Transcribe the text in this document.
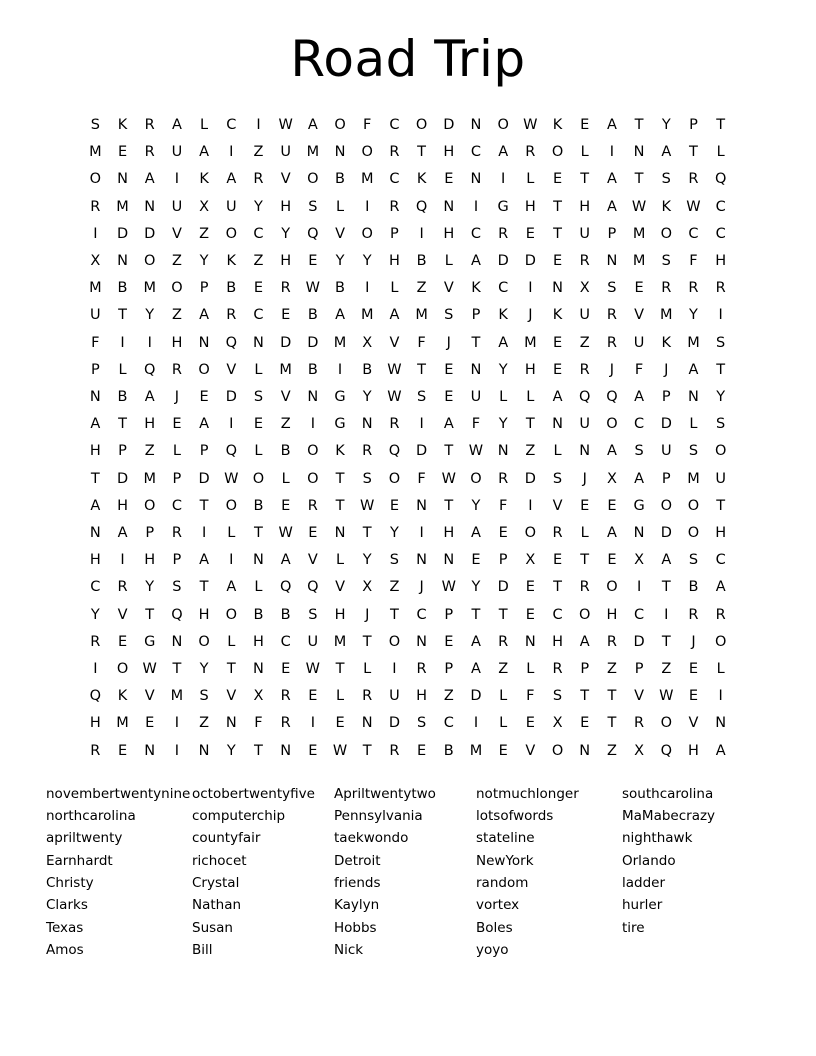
Road Trip
S	K	R	A	L	C	I	W	A	O	F	C	O	D	N	O	W	K	E	A	T	Y	P	T
M	E	R	U	A	I	Z	U	M	N	O	R	T	H	C	A	R	O	L	I	N	A	T	L
O	N	A	I	K	A	R	V	O	B	M	C	K	E	N	I	L	E	T	A	T	S	R	Q
R	M	N	U	X	U	Y	H	S	L	I	R	Q	N	I	G	H	T	H	A	W	K	W	C
I	D	D	V	Z	O	C	Y	Q	V	O	P	I	H	C	R	E	T	U	P	M	O	C	C
X	N	O	Z	Y	K	Z	H	E	Y	Y	H	B	L	A	D	D	E	R	N	M	S	F	H
M	B	M	O	P	B	E	R	W	B	I	L	Z	V	K	C	I	N	X	S	E	R	R	R
U	T	Y	Z	A	R	C	E	B	A	M	A	M	S	P	K	J	K	U	R	V	M	Y	I
F	I	I	H	N	Q	N	D	D	M	X	V	F	J	T	A	M	E	Z	R	U	K	M	S
P	L	Q	R	O	V	L	M	B	I	B	W	T	E	N	Y	H	E	R	J	F	J	A	T
N	B	A	J	E	D	S	V	N	G	Y	W	S	E	U	L	L	A	Q	Q	A	P	N	Y
A	T	H	E	A	I	E	Z	I	G	N	R	I	A	F	Y	T	N	U	O	C	D	L	S
H	P	Z	L	P	Q	L	B	O	K	R	Q	D	T	W	N	Z	L	N	A	S	U	S	O
T	D	M	P	D	W	O	L	O	T	S	O	F	W	O	R	D	S	J	X	A	P	M	U
A	H	O	C	T	O	B	E	R	T	W	E	N	T	Y	F	I	V	E	E	G	O	O	T
N	A	P	R	I	L	T	W	E	N	T	Y	I	H	A	E	O	R	L	A	N	D	O	H
H	I	H	P	A	I	N	A	V	L	Y	S	N	N	E	P	X	E	T	E	X	A	S	C
C	R	Y	S	T	A	L	Q	Q	V	X	Z	J	W	Y	D	E	T	R	O	I	T	B	A
Y	V	T	Q	H	O	B	B	S	H	J	T	C	P	T	T	E	C	O	H	C	I	R	R
R	E	G	N	O	L	H	C	U	M	T	O	N	E	A	R	N	H	A	R	D	T	J	O
I	O	W	T	Y	T	N	E	W	T	L	I	R	P	A	Z	L	R	P	Z	P	Z	E	L
Q	K	V	M	S	V	X	R	E	L	R	U	H	Z	D	L	F	S	T	T	V	W	E	I
H	M	E	I	Z	N	F	R	I	E	N	D	S	C	I	L	E	X	E	T	R	O	V	N
R	E	N	I	N	Y	T	N	E	W	T	R	E	B	M	E	V	O	N	Z	X	Q	H	A
novembertwentynine
northcarolina
apriltwenty
Earnhardt
Christy
Clarks
Texas
Amos
octobertwentyfive
computerchip
countyfair
richocet
Crystal
Nathan
Susan
Bill
Apriltwentytwo
Pennsylvania
taekwondo
Detroit
friends
Kaylyn
Hobbs
Nick
notmuchlonger
lotsofwords
stateline
NewYork
random
vortex
Boles
yoyo
southcarolina
MaMabecrazy
nighthawk
Orlando
ladder
hurler
tire
